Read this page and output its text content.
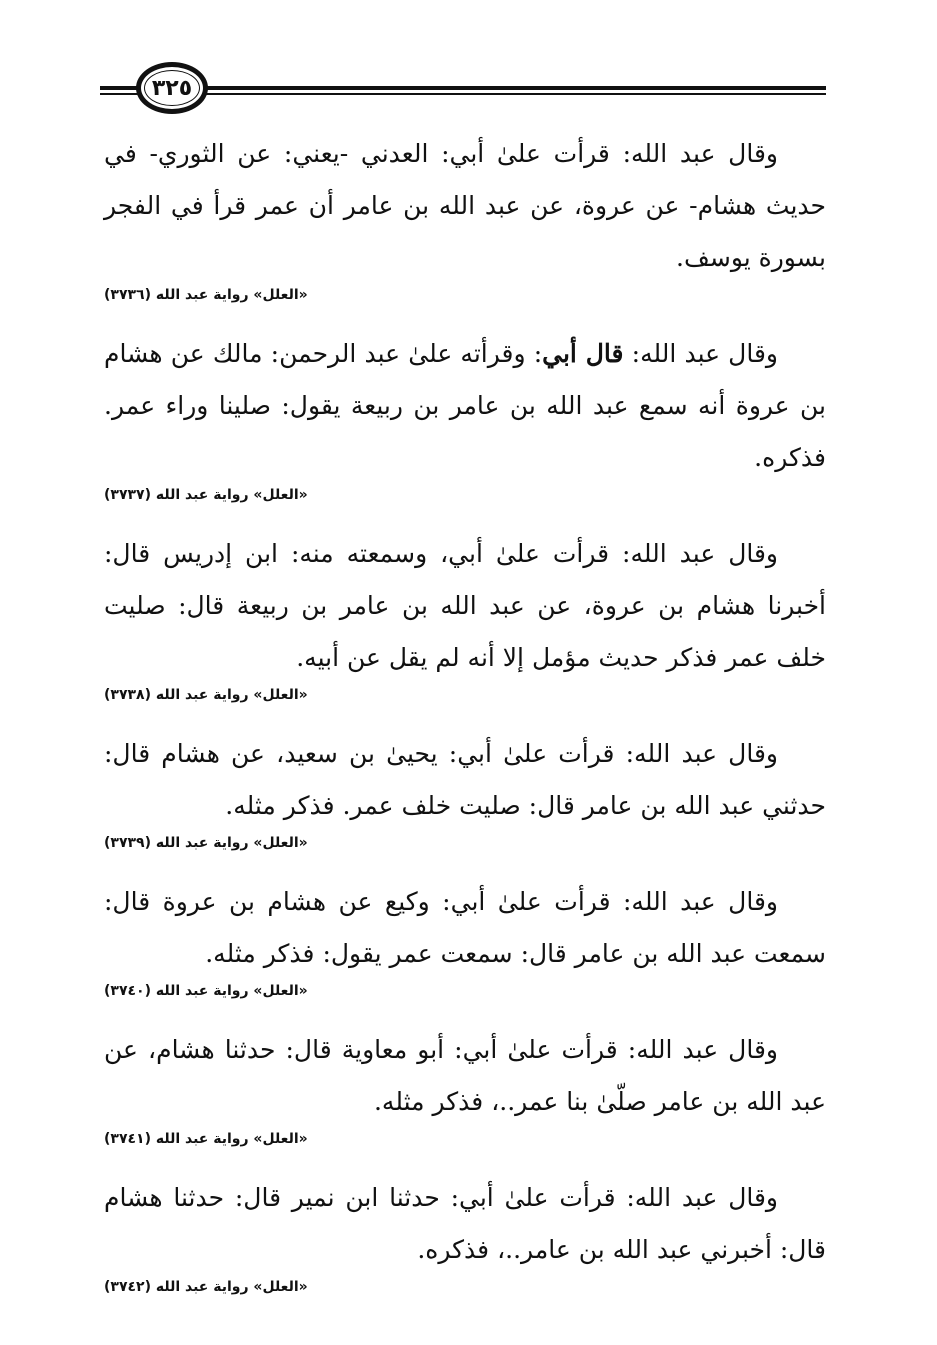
٣٢٥

وقال عبد الله: قرأت علىٰ أبي: العدني -يعني: عن الثوري- في حديث هشام- عن عروة، عن عبد الله بن عامر أن عمر قرأ في الفجر بسورة يوسف.

«العلل» رواية عبد الله (٣٧٣٦)

وقال عبد الله: قال أبي: وقرأته علىٰ عبد الرحمن: مالك عن هشام بن عروة أنه سمع عبد الله بن عامر بن ربيعة يقول: صلينا وراء عمر. فذكره.

«العلل» رواية عبد الله (٣٧٣٧)

وقال عبد الله: قرأت علىٰ أبي، وسمعته منه: ابن إدريس قال: أخبرنا هشام بن عروة، عن عبد الله بن عامر بن ربيعة قال: صليت خلف عمر فذكر حديث مؤمل إلا أنه لم يقل عن أبيه.

«العلل» رواية عبد الله (٣٧٣٨)

وقال عبد الله: قرأت علىٰ أبي: يحيىٰ بن سعيد، عن هشام قال: حدثني عبد الله بن عامر قال: صليت خلف عمر. فذكر مثله.

«العلل» رواية عبد الله (٣٧٣٩)

وقال عبد الله: قرأت علىٰ أبي: وكيع عن هشام بن عروة قال: سمعت عبد الله بن عامر قال: سمعت عمر يقول: فذكر مثله.

«العلل» رواية عبد الله (٣٧٤٠)

وقال عبد الله: قرأت علىٰ أبي: أبو معاوية قال: حدثنا هشام، عن عبد الله بن عامر صلّىٰ بنا عمر..، فذكر مثله.

«العلل» رواية عبد الله (٣٧٤١)

وقال عبد الله: قرأت علىٰ أبي: حدثنا ابن نمير قال: حدثنا هشام قال: أخبرني عبد الله بن عامر..، فذكره.

«العلل» رواية عبد الله (٣٧٤٢)
